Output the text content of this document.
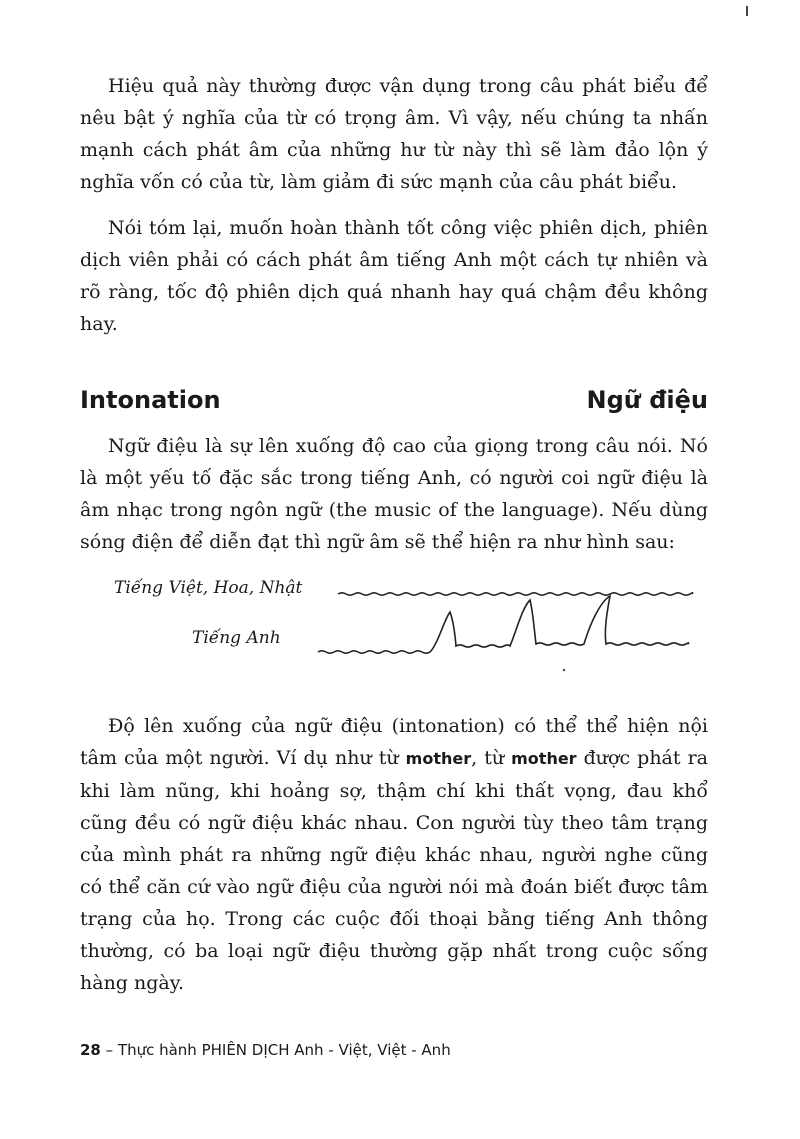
Hiệu quả này thường được vận dụng trong câu phát biểu để nêu bật ý nghĩa của từ có trọng âm. Vì vậy, nếu chúng ta nhấn mạnh cách phát âm của những hư từ này thì sẽ làm đảo lộn ý nghĩa vốn có của từ, làm giảm đi sức mạnh của câu phát biểu.

Nói tóm lại, muốn hoàn thành tốt công việc phiên dịch, phiên dịch viên phải có cách phát âm tiếng Anh một cách tự nhiên và rõ ràng, tốc độ phiên dịch quá nhanh hay quá chậm đều không hay.

Intonation	Ngữ điệu

Ngữ điệu là sự lên xuống độ cao của giọng trong câu nói. Nó là một yếu tố đặc sắc trong tiếng Anh, có người coi ngữ điệu là âm nhạc trong ngôn ngữ (the music of the language). Nếu dùng sóng điện để diễn đạt thì ngữ âm sẽ thể hiện ra như hình sau:

Tiếng Việt, Hoa, Nhật
Tiếng Anh

Độ lên xuống của ngữ điệu (intonation) có thể thể hiện nội tâm của một người. Ví dụ như từ mother, từ mother được phát ra khi làm nũng, khi hoảng sợ, thậm chí khi thất vọng, đau khổ cũng đều có ngữ điệu khác nhau. Con người tùy theo tâm trạng của mình phát ra những ngữ điệu khác nhau, người nghe cũng có thể căn cứ vào ngữ điệu của người nói mà đoán biết được tâm trạng của họ. Trong các cuộc đối thoại bằng tiếng Anh thông thường, có ba loại ngữ điệu thường gặp nhất trong cuộc sống hàng ngày.

28 – Thực hành PHIÊN DỊCH Anh - Việt, Việt - Anh
